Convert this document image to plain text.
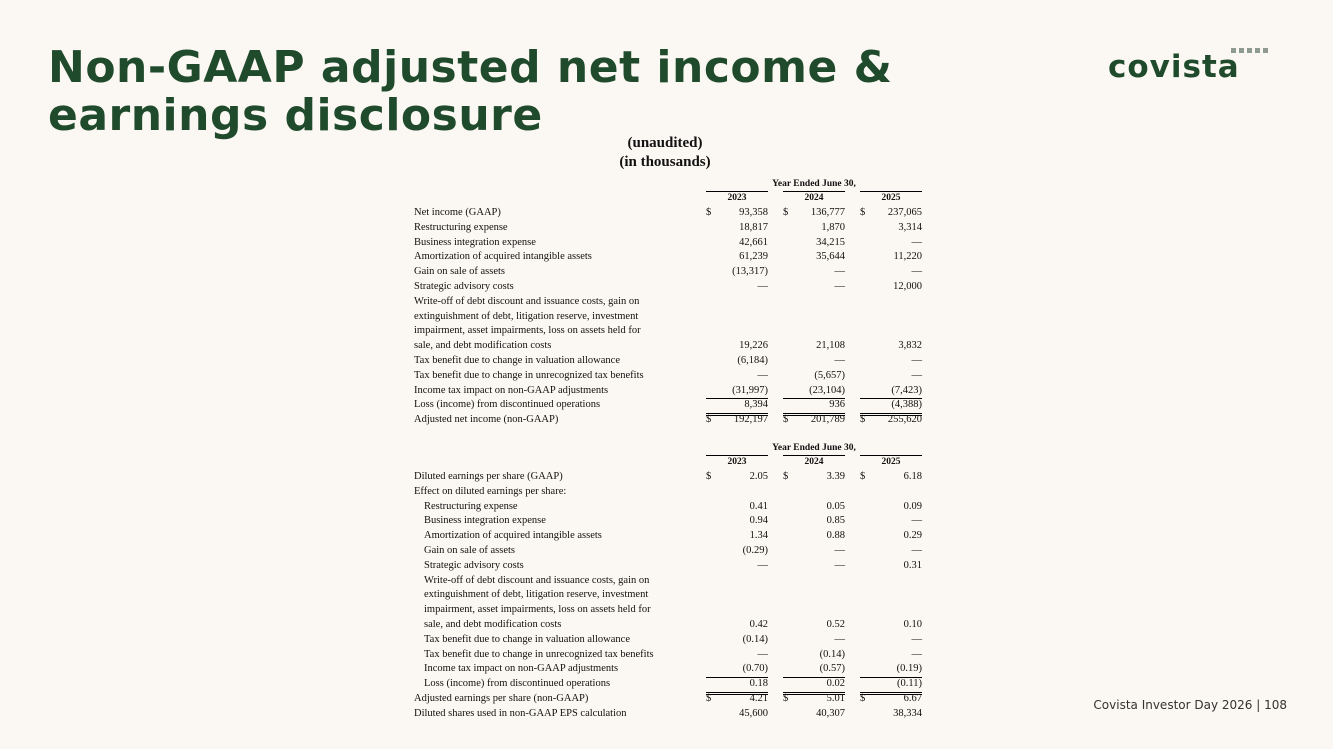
Non-GAAP adjusted net income &
earnings disclosure
covista
(unaudited)
(in thousands)
Year Ended June 30,
2023	2024	2025
Net income (GAAP)	$	93,358 $ 136,777 $ 237,065
Restructuring expense	18,817	1,870	3,314
Business integration expense	42,661	34,215	—
Amortization of acquired intangible assets	61,239	35,644	11,220
Gain on sale of assets	(13,317)	—	—
Strategic advisory costs	—	—	12,000
Write-off of debt discount and issuance costs, gain on
extinguishment of debt, litigation reserve, investment
impairment, asset impairments, loss on assets held for
sale, and debt modification costs	19,226	21,108	3,832
Tax benefit due to change in valuation allowance	(6,184)	—	—
Tax benefit due to change in unrecognized tax benefits	—	(5,657)	—
Income tax impact on non-GAAP adjustments	(31,997)	(23,104)	(7,423)
Loss (income) from discontinued operations	8,394	936	(4,388)
Adjusted net income (non-GAAP)	$ 192,197 $ 201,789 $ 255,620
Year Ended June 30,
2023	2024	2025
Diluted earnings per share (GAAP)	$	2.05 $	3.39 $	6.18
Effect on diluted earnings per share:
Restructuring expense	0.41	0.05	0.09
Business integration expense	0.94	0.85	—
Amortization of acquired intangible assets	1.34	0.88	0.29
Gain on sale of assets	(0.29)	—	—
Strategic advisory costs	—	—	0.31
Write-off of debt discount and issuance costs, gain on
extinguishment of debt, litigation reserve, investment
impairment, asset impairments, loss on assets held for
sale, and debt modification costs	0.42	0.52	0.10
Tax benefit due to change in valuation allowance	(0.14)	—	—
Tax benefit due to change in unrecognized tax benefits	—	(0.14)	—
Income tax impact on non-GAAP adjustments	(0.70)	(0.57)	(0.19)
Loss (income) from discontinued operations	0.18	0.02	(0.11)
Adjusted earnings per share (non-GAAP)	$	4.21 $	5.01 $	6.67
Diluted shares used in non-GAAP EPS calculation	45,600	40,307	38,334
Covista Investor Day 2026 | 108
